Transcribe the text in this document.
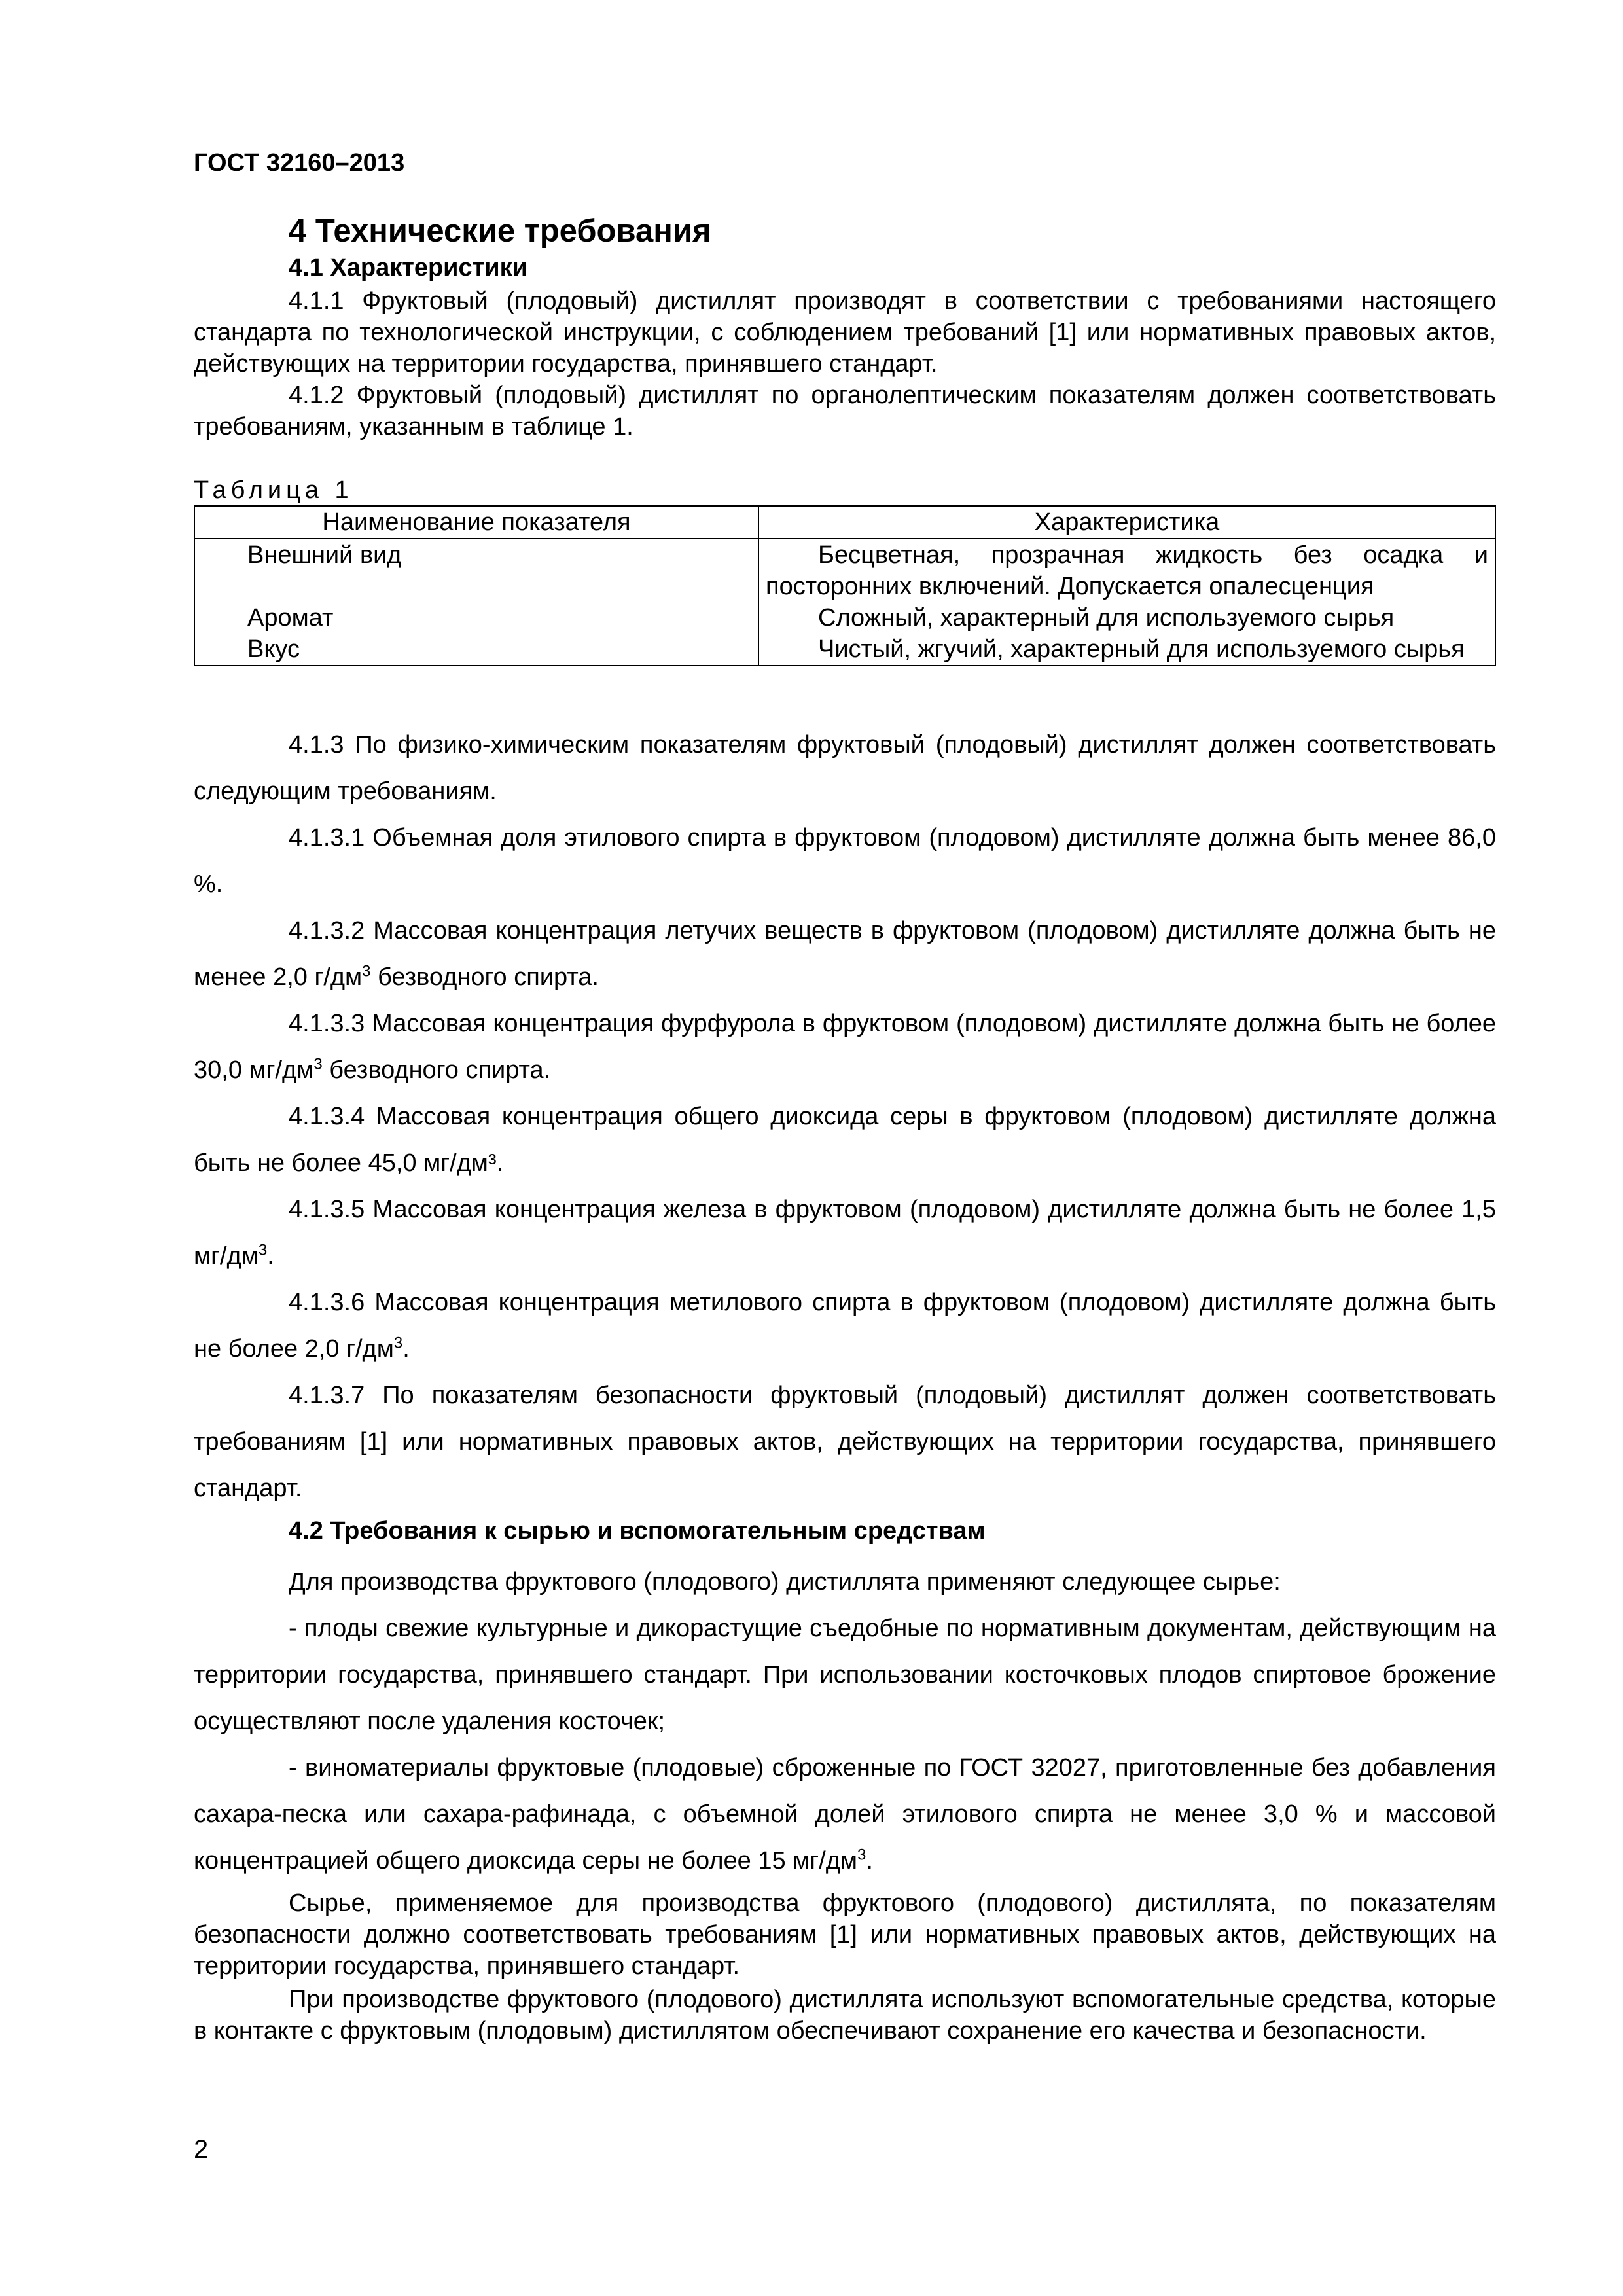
ГОСТ 32160–2013
4 Технические требования
4.1 Характеристики
4.1.1 Фруктовый (плодовый) дистиллят производят в соответствии с требованиями настоящего стандарта по технологической инструкции, с соблюдением требований [1] или нормативных правовых актов, действующих на территории государства, принявшего стандарт.
4.1.2 Фруктовый (плодовый) дистиллят по органолептическим показателям должен соответствовать требованиям, указанным в таблице 1.
Таблица 1
Наименование показателя	Характеристика
Внешний вид	Бесцветная, прозрачная жидкость без осадка и посторонних включений. Допускается опалесценция
Аромат	Сложный, характерный для используемого сырья
Вкус	Чистый, жгучий, характерный для используемого сырья
4.1.3 По физико-химическим показателям фруктовый (плодовый) дистиллят должен соответствовать следующим требованиям.
4.1.3.1 Объемная доля этилового спирта в фруктовом (плодовом) дистилляте должна быть менее 86,0 %.
4.1.3.2 Массовая концентрация летучих веществ в фруктовом (плодовом) дистилляте должна быть не менее 2,0 $г/дм^3$ безводного спирта.
4.1.3.3 Массовая концентрация фурфурола в фруктовом (плодовом) дистилляте должна быть не более 30,0 $мг/дм^3$ безводного спирта.
4.1.3.4 Массовая концентрация общего диоксида серы в фруктовом (плодовом) дистилляте должна быть не более 45,0 мг/дм³.
4.1.3.5 Массовая концентрация железа в фруктовом (плодовом) дистилляте должна быть не более 1,5 $мг/дм^3$.
4.1.3.6 Массовая концентрация метилового спирта в фруктовом (плодовом) дистилляте должна быть не более 2,0 $г/дм^3$.
4.1.3.7 По показателям безопасности фруктовый (плодовый) дистиллят должен соответствовать требованиям [1] или нормативных правовых актов, действующих на территории государства, принявшего стандарт.
4.2 Требования к сырью и вспомогательным средствам
Для производства фруктового (плодового) дистиллята применяют следующее сырье:
- плоды свежие культурные и дикорастущие съедобные по нормативным документам, действующим на территории государства, принявшего стандарт. При использовании косточковых плодов спиртовое брожение осуществляют после удаления косточек;
- виноматериалы фруктовые (плодовые) сброженные по ГОСТ 32027, приготовленные без добавления сахара-песка или сахара-рафинада, с объемной долей этилового спирта не менее 3,0 % и массовой концентрацией общего диоксида серы не более 15 $мг/дм^3$.
Сырье, применяемое для производства фруктового (плодового) дистиллята, по показателям безопасности должно соответствовать требованиям [1] или нормативных правовых актов, действующих на территории государства, принявшего стандарт.
При производстве фруктового (плодового) дистиллята используют вспомогательные средства, которые в контакте с фруктовым (плодовым) дистиллятом обеспечивают сохранение его качества и безопасности.
2
